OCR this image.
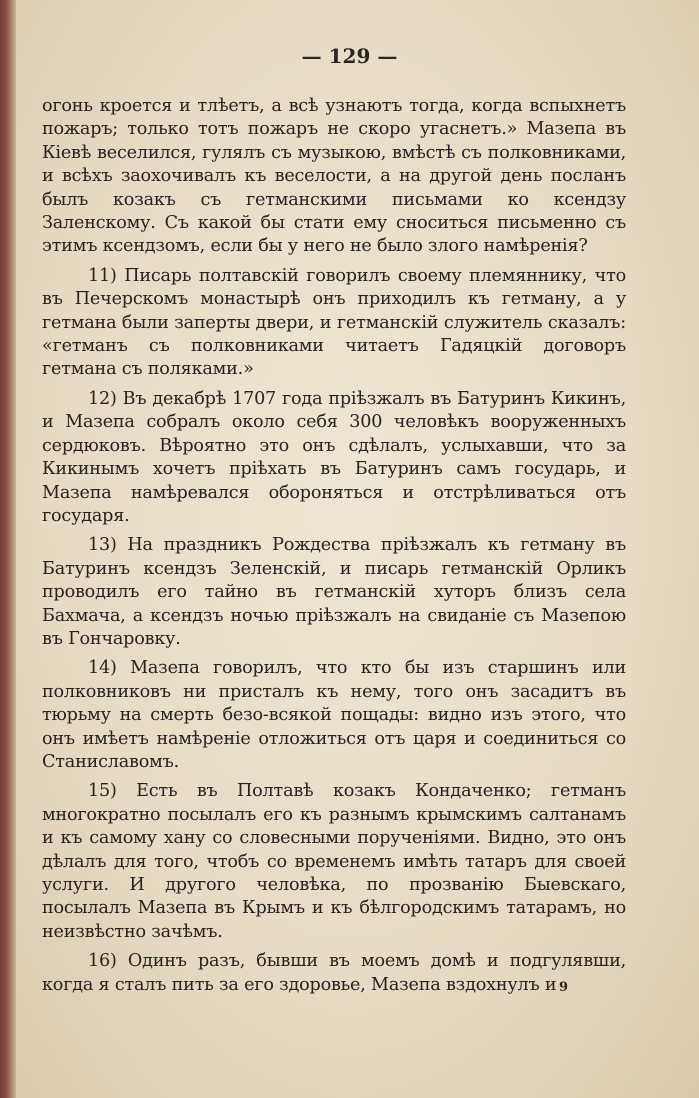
— 129 —

огонь кроется и тлѣетъ, а всѣ узнаютъ тогда, когда вспыхнетъ пожаръ; только тотъ пожаръ не скоро угаснетъ.» Мазепа въ Кіевѣ веселился, гулялъ съ музыкою, вмѣстѣ съ полковниками, и всѣхъ заохочивалъ къ веселости, а на другой день посланъ былъ козакъ съ гетманскими письмами ко ксендзу Заленскому. Съ какой бы стати ему сноситься письменно съ этимъ ксендзомъ, если бы у него не было злого намѣренія?

11) Писарь полтавскій говорилъ своему племяннику, что въ Печерскомъ монастырѣ онъ приходилъ къ гетману, а у гетмана были заперты двери, и гетманскій служитель сказалъ: «гетманъ съ полковниками читаетъ Гадяцкій договоръ гетмана съ поляками.»

12) Въ декабрѣ 1707 года пріѣзжалъ въ Батуринъ Кикинъ, и Мазепа собралъ около себя 300 человѣкъ вооруженныхъ сердюковъ. Вѣроятно это онъ сдѣлалъ, услыхавши, что за Кикинымъ хочетъ пріѣхать въ Батуринъ самъ государь, и Мазепа намѣревался обороняться и отстрѣливаться отъ государя.

13) На праздникъ Рождества пріѣзжалъ къ гетману въ Батуринъ ксендзъ Зеленскій, и писарь гетманскій Орликъ проводилъ его тайно въ гетманскій хуторъ близъ села Бахмача, а ксендзъ ночью пріѣзжалъ на свиданіе съ Мазепою въ Гончаровку.

14) Мазепа говорилъ, что кто бы изъ старшинъ или полковниковъ ни присталъ къ нему, того онъ засадитъ въ тюрьму на смерть безо-всякой пощады: видно изъ этого, что онъ имѣетъ намѣреніе отложиться отъ царя и соединиться со Станиславомъ.

15) Есть въ Полтавѣ козакъ Кондаченко; гетманъ многократно посылалъ его къ разнымъ крымскимъ салтанамъ и къ самому хану со словесными порученіями. Видно, это онъ дѣлалъ для того, чтобъ со временемъ имѣть татаръ для своей услуги. И другого человѣка, по прозванію Быевскаго, посылалъ Мазепа въ Крымъ и къ бѣлгородскимъ татарамъ, но неизвѣстно зачѣмъ.

16) Одинъ разъ, бывши въ моемъ домѣ и подгулявши, когда я сталъ пить за его здоровье, Мазепа вздохнулъ и 9
